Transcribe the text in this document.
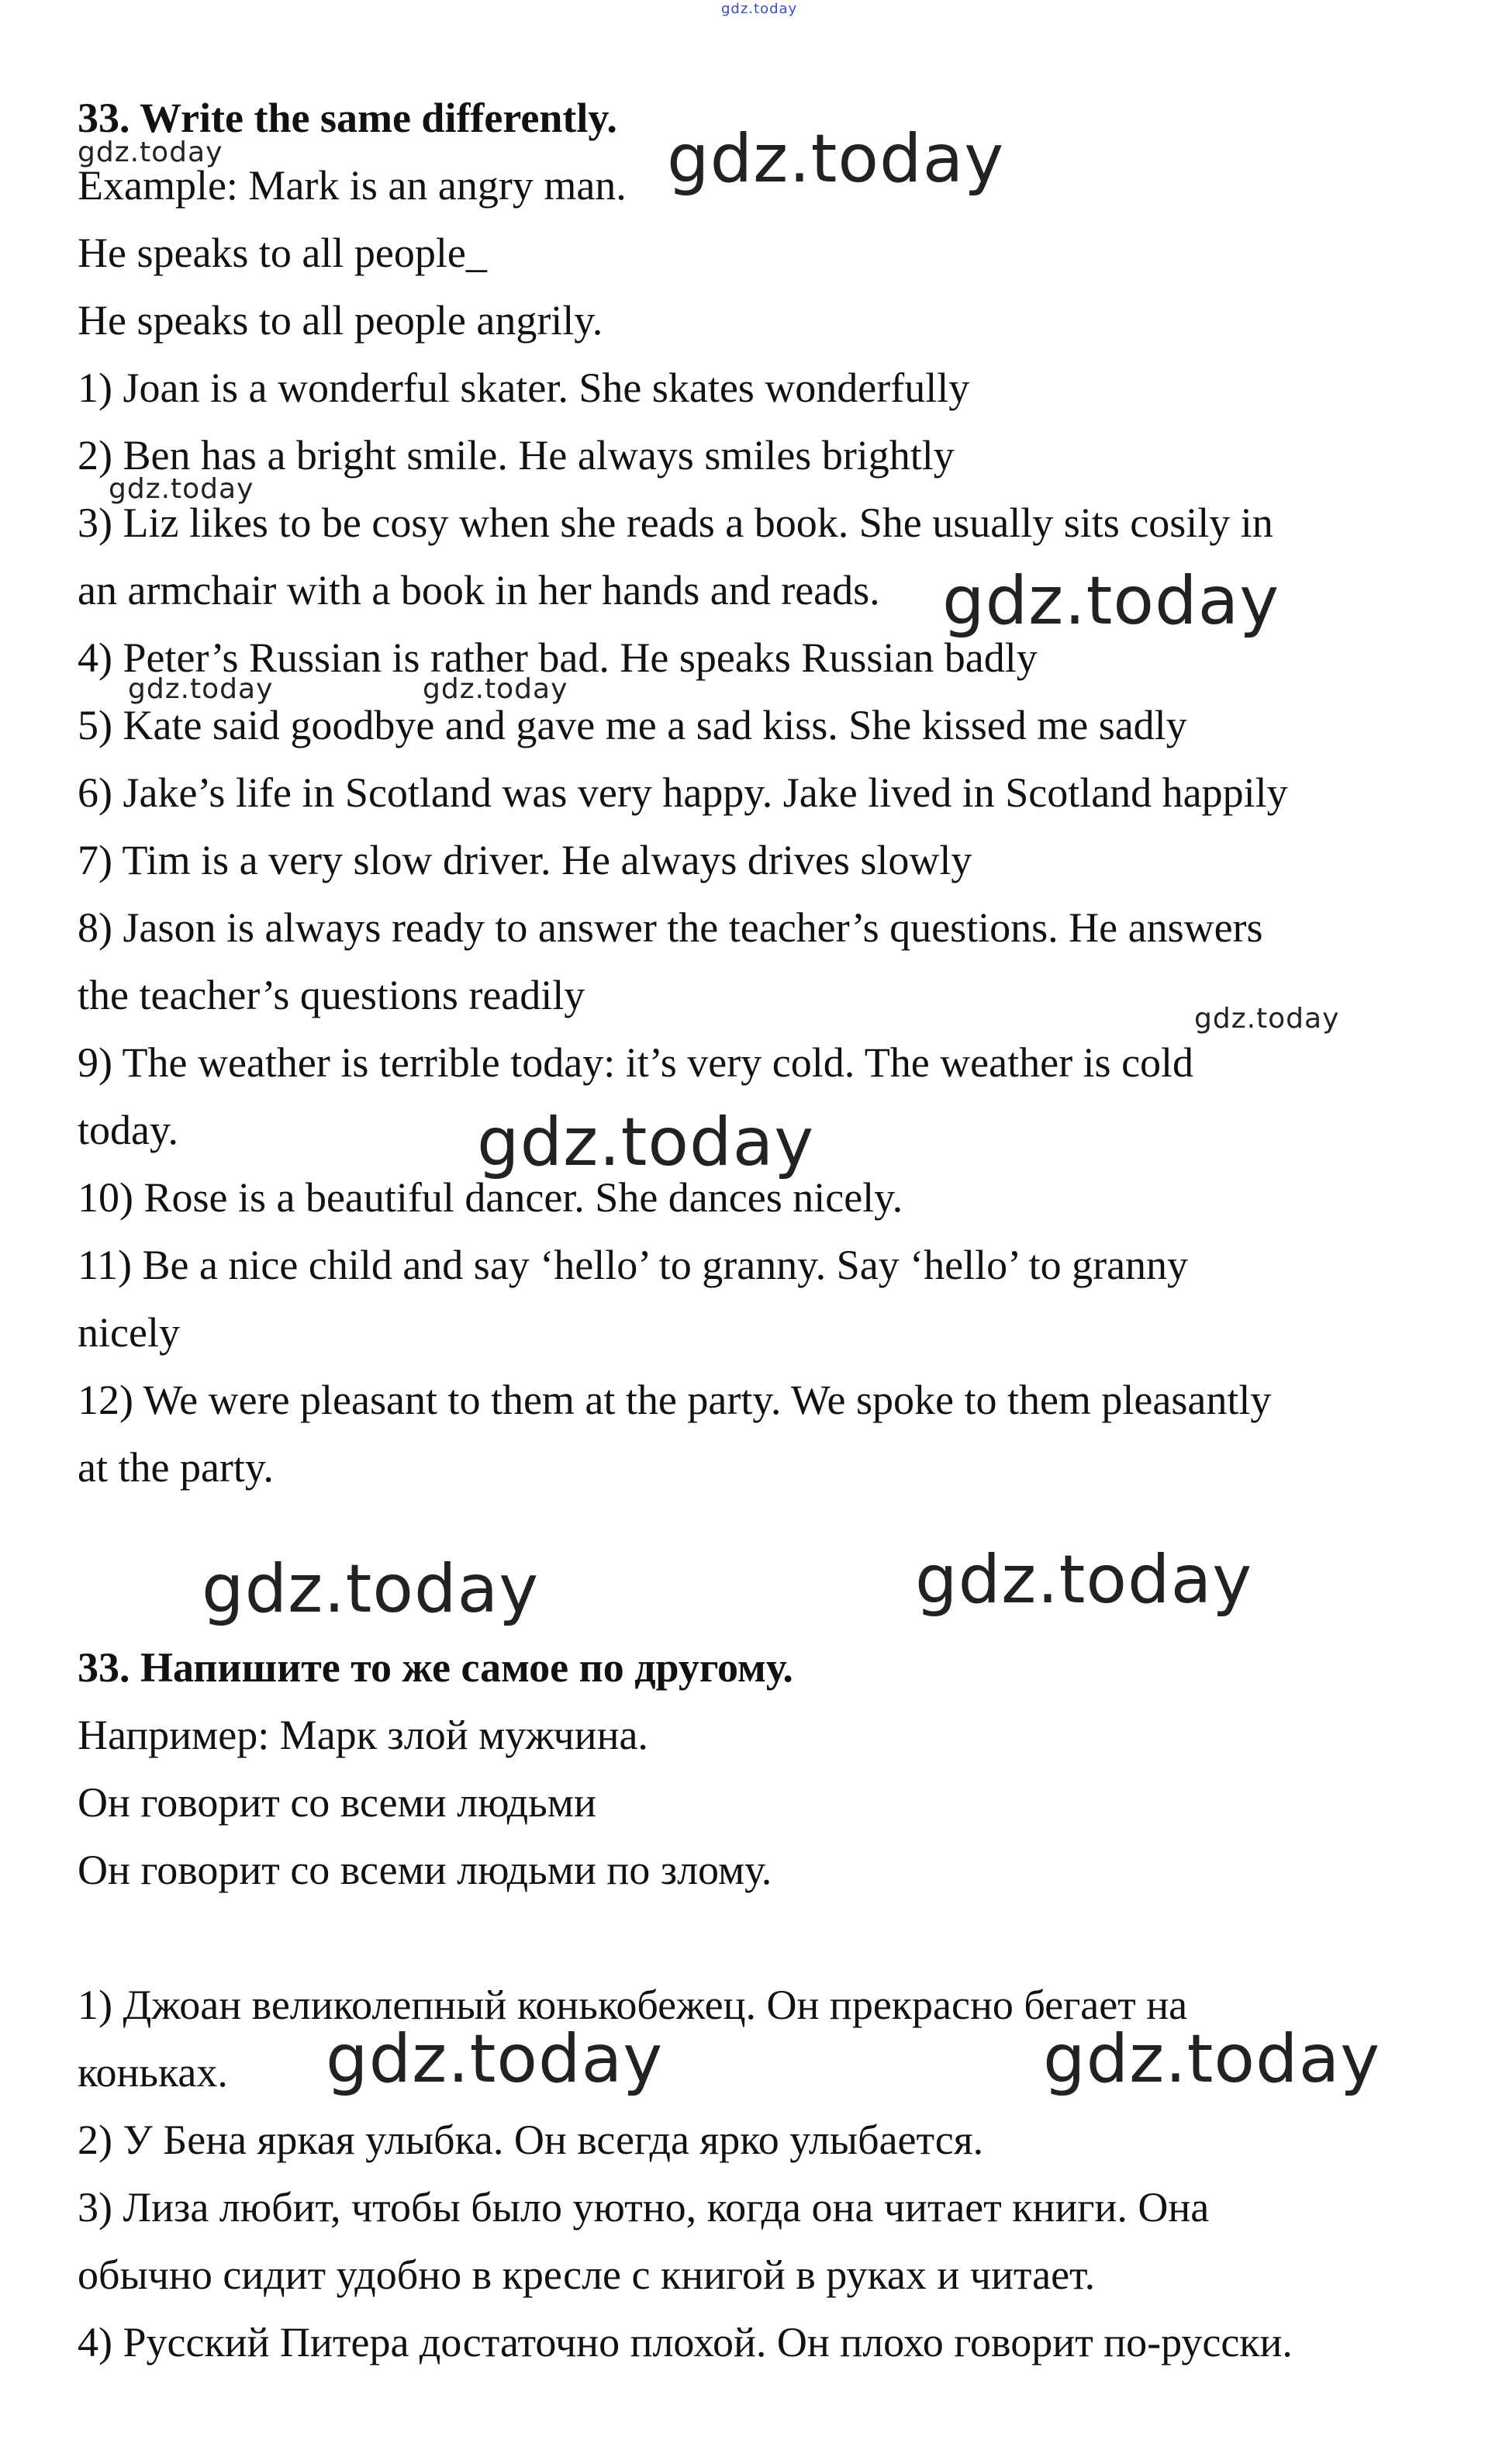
gdz.today
33. Write the same differently.
Example: Mark is an angry man.
He speaks to all people_
He speaks to all people angrily.
1) Joan is a wonderful skater. She skates wonderfully
2) Ben has a bright smile. He always smiles brightly
3) Liz likes to be cosy when she reads a book. She usually sits cosily in
an armchair with a book in her hands and reads.
4) Peter’s Russian is rather bad. He speaks Russian badly
5) Kate said goodbye and gave me a sad kiss. She kissed me sadly
6) Jake’s life in Scotland was very happy. Jake lived in Scotland happily
7) Tim is a very slow driver. He always drives slowly
8) Jason is always ready to answer the teacher’s questions. He answers
the teacher’s questions readily
9) The weather is terrible today: it’s very cold. The weather is cold
today.
10) Rose is a beautiful dancer. She dances nicely.
11) Be a nice child and say ‘hello’ to granny. Say ‘hello’ to granny
nicely
12) We were pleasant to them at the party. We spoke to them pleasantly
at the party.
33. Напишите то же самое по другому.
Например: Марк злой мужчина.
Он говорит со всеми людьми
Он говорит со всеми людьми по злому.
1) Джоан великолепный конькобежец. Он прекрасно бегает на
коньках.
2) У Бена яркая улыбка. Он всегда ярко улыбается.
3) Лиза любит, чтобы было уютно, когда она читает книги. Она
обычно сидит удобно в кресле с книгой в руках и читает.
4) Русский Питера достаточно плохой. Он плохо говорит по-русски.
gdz.today	gdz.today
gdz.today
gdz.today
gdz.today	gdz.today
gdz.today
gdz.today
gdz.today	gdz.today
gdz.today	gdz.today
